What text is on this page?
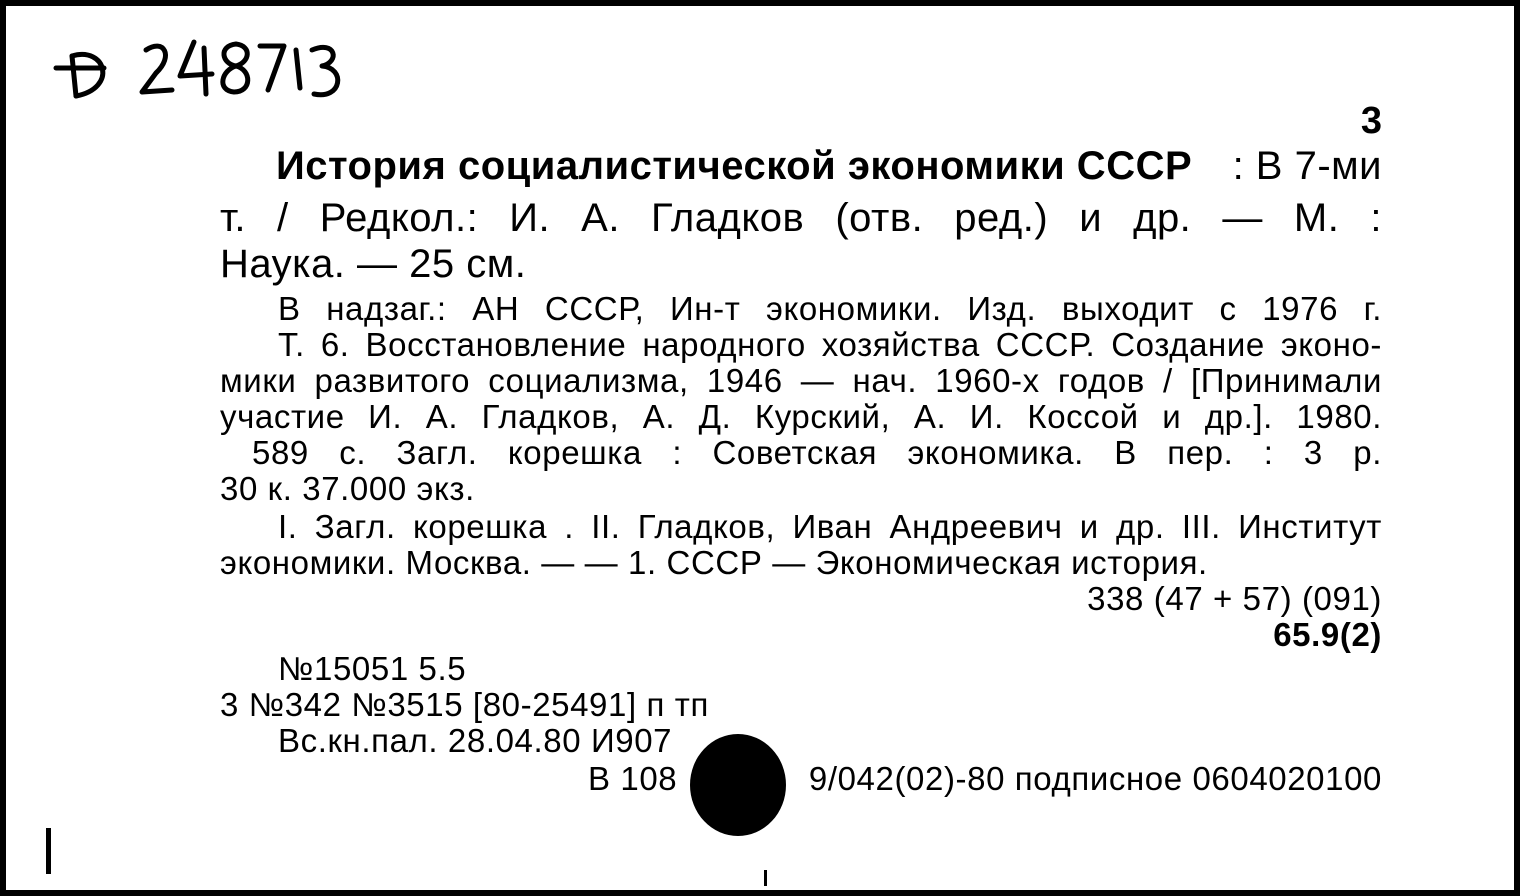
3
История социалистической экономики СССР : В 7-ми
т. / Редкол.: И. А. Гладков (отв. ред.) и др. — М. :
Наука. — 25 см.
В надзаг.: АН СССР, Ин-т экономики. Изд. выходит с 1976 г.
Т. 6. Восстановление народного хозяйства СССР. Создание эконо-
мики развитого социализма, 1946 — нач. 1960-х годов / [Принимали
участие И. А. Гладков, А. Д. Курский, А. И. Коссой и др.]. 1980.
589 с. Загл. корешка : Советская экономика. В пер. : 3 р.
30 к. 37.000 экз.
I. Загл. корешка . II. Гладков, Иван Андреевич и др. III. Институт
экономики. Москва. — — 1. СССР — Экономическая история.
338 (47 + 57) (091)
65.9(2)
№15051 5.5
3 №342 №3515 [80-25491] п тп
Вс.кн.пал. 28.04.80 И907
В 108	9/042(02)-80 подписное 0604020100
